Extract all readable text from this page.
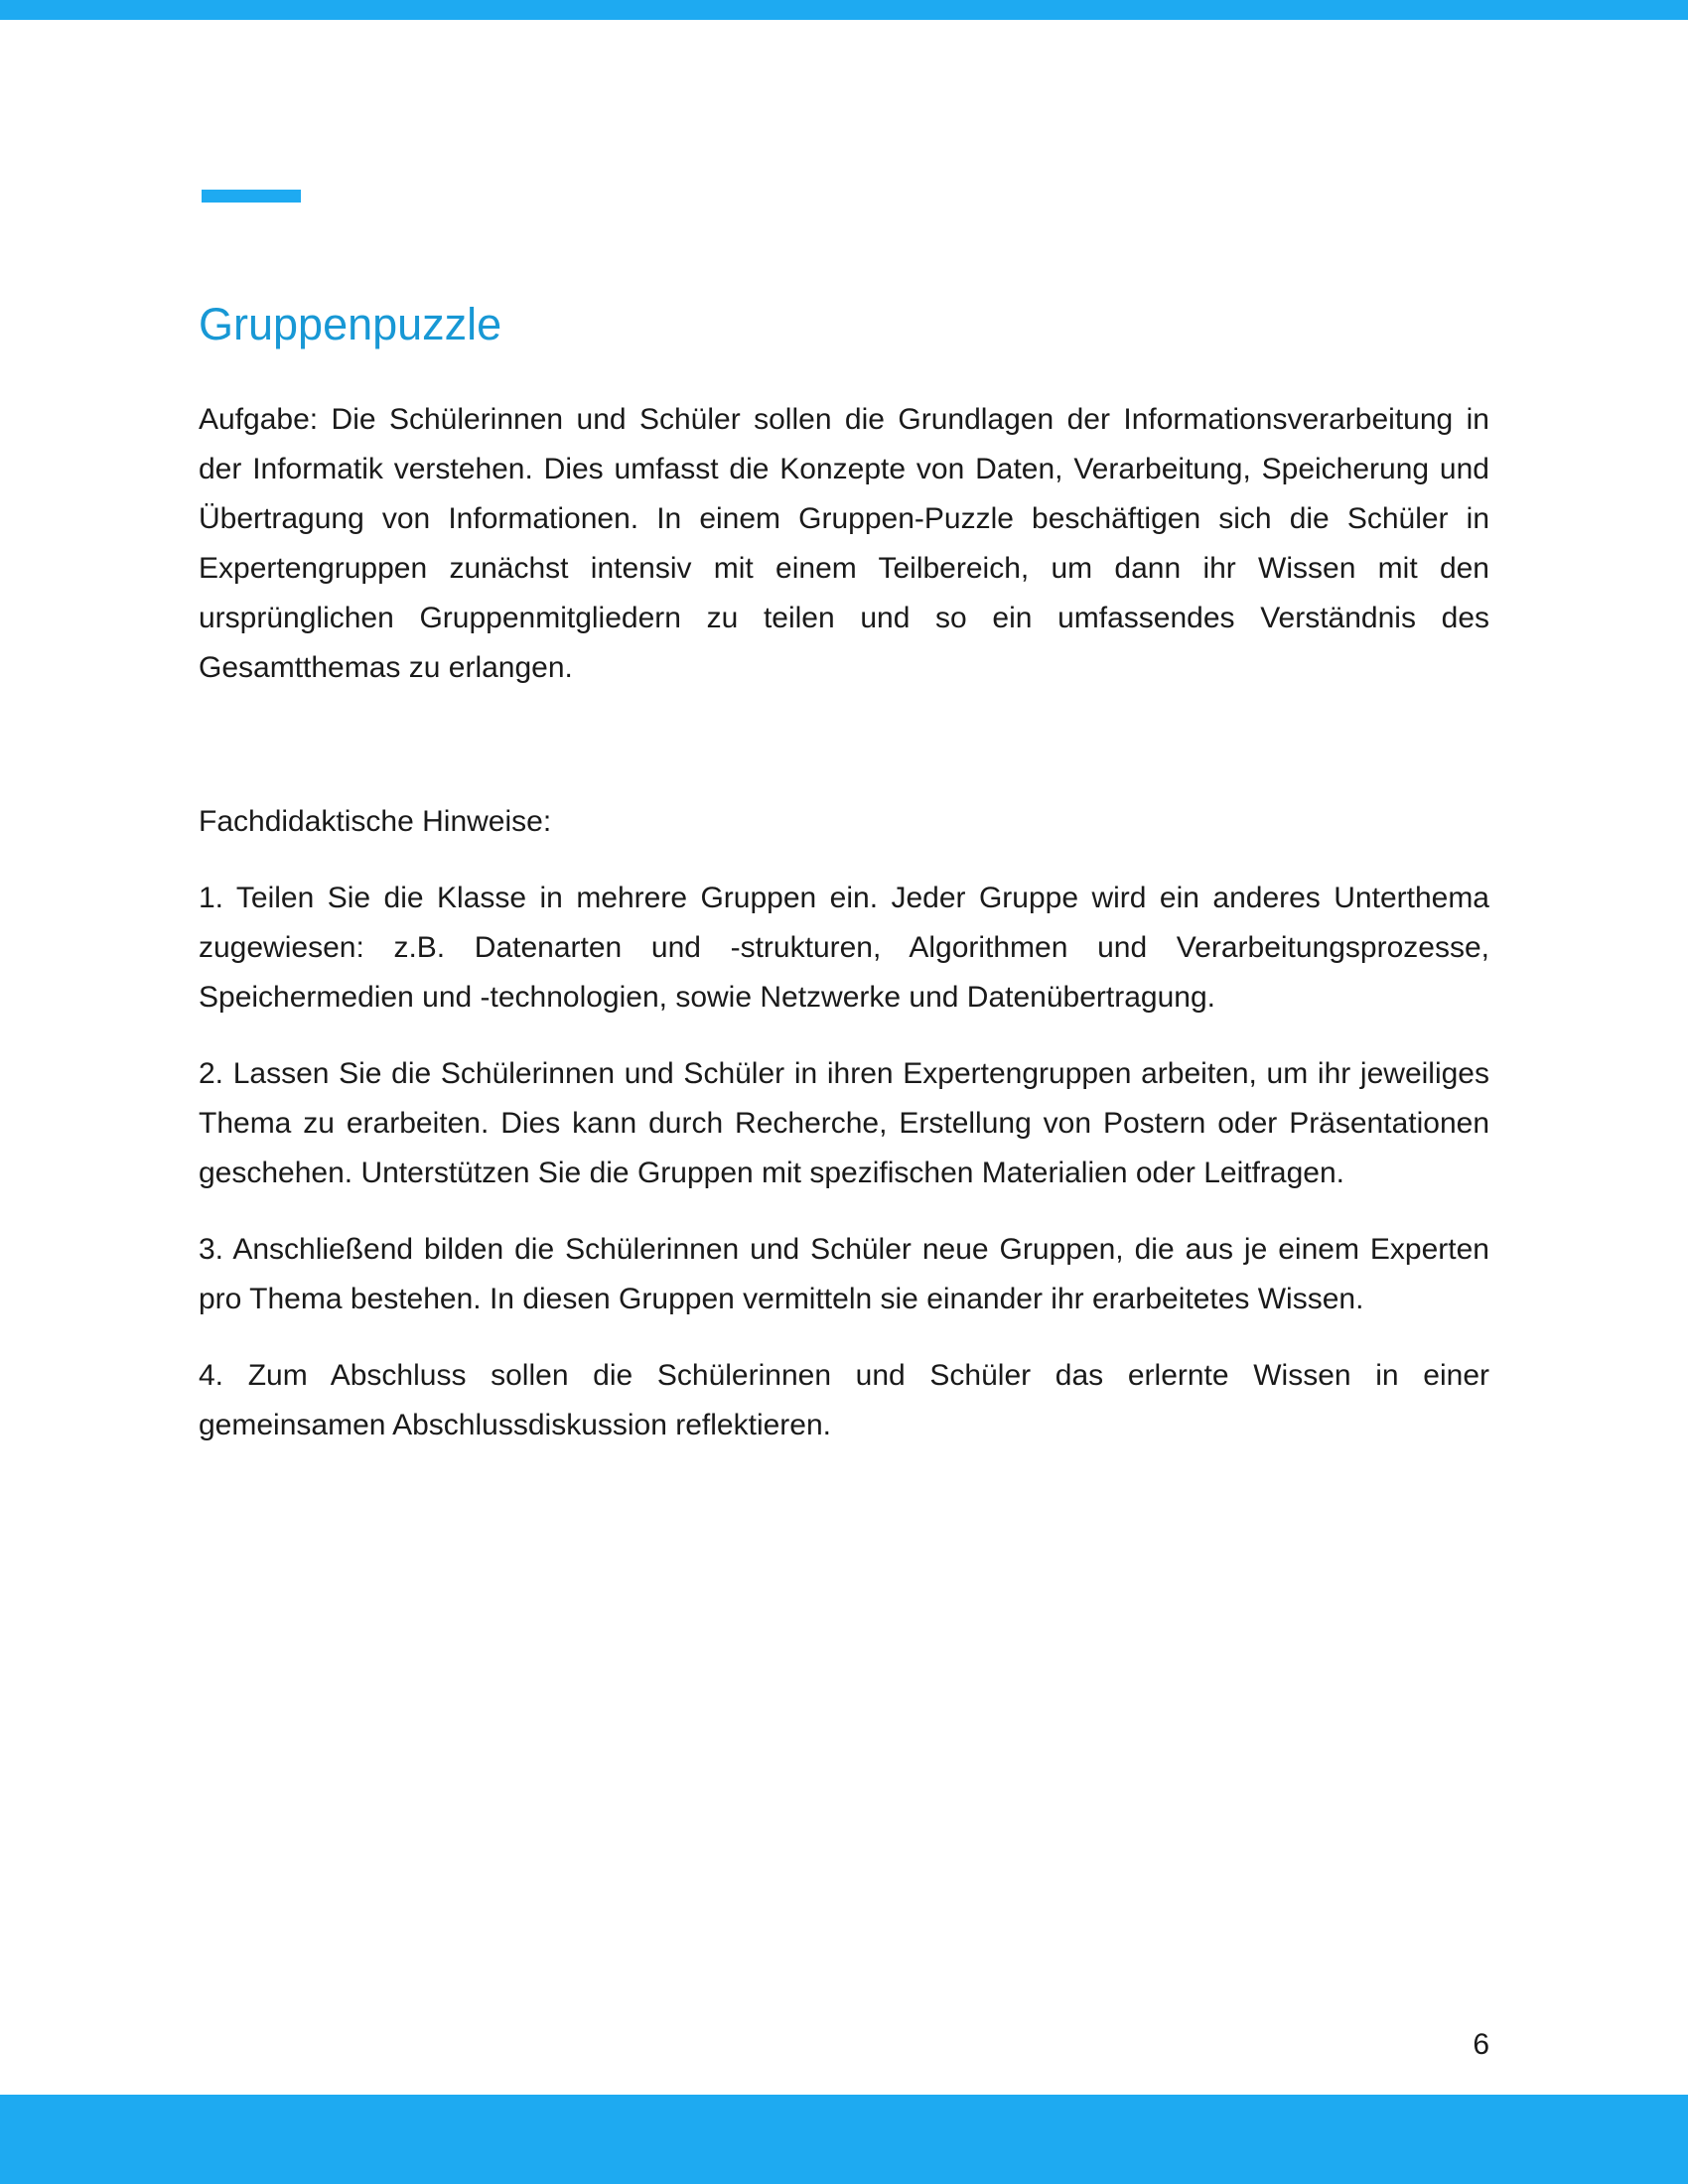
Gruppenpuzzle

Aufgabe: Die Schülerinnen und Schüler sollen die Grundlagen der Informationsverarbeitung in der Informatik verstehen. Dies umfasst die Konzepte von Daten, Verarbeitung, Speicherung und Übertragung von Informationen. In einem Gruppen-Puzzle beschäftigen sich die Schüler in Expertengruppen zunächst intensiv mit einem Teilbereich, um dann ihr Wissen mit den ursprünglichen Gruppenmitgliedern zu teilen und so ein umfassendes Verständnis des Gesamtthemas zu erlangen.

Fachdidaktische Hinweise:

1. Teilen Sie die Klasse in mehrere Gruppen ein. Jeder Gruppe wird ein anderes Unterthema zugewiesen: z.B. Datenarten und -strukturen, Algorithmen und Verarbeitungsprozesse, Speichermedien und -technologien, sowie Netzwerke und Datenübertragung.

2. Lassen Sie die Schülerinnen und Schüler in ihren Expertengruppen arbeiten, um ihr jeweiliges Thema zu erarbeiten. Dies kann durch Recherche, Erstellung von Postern oder Präsentationen geschehen. Unterstützen Sie die Gruppen mit spezifischen Materialien oder Leitfragen.

3. Anschließend bilden die Schülerinnen und Schüler neue Gruppen, die aus je einem Experten pro Thema bestehen. In diesen Gruppen vermitteln sie einander ihr erarbeitetes Wissen.

4. Zum Abschluss sollen die Schülerinnen und Schüler das erlernte Wissen in einer gemeinsamen Abschlussdiskussion reflektieren.

6
